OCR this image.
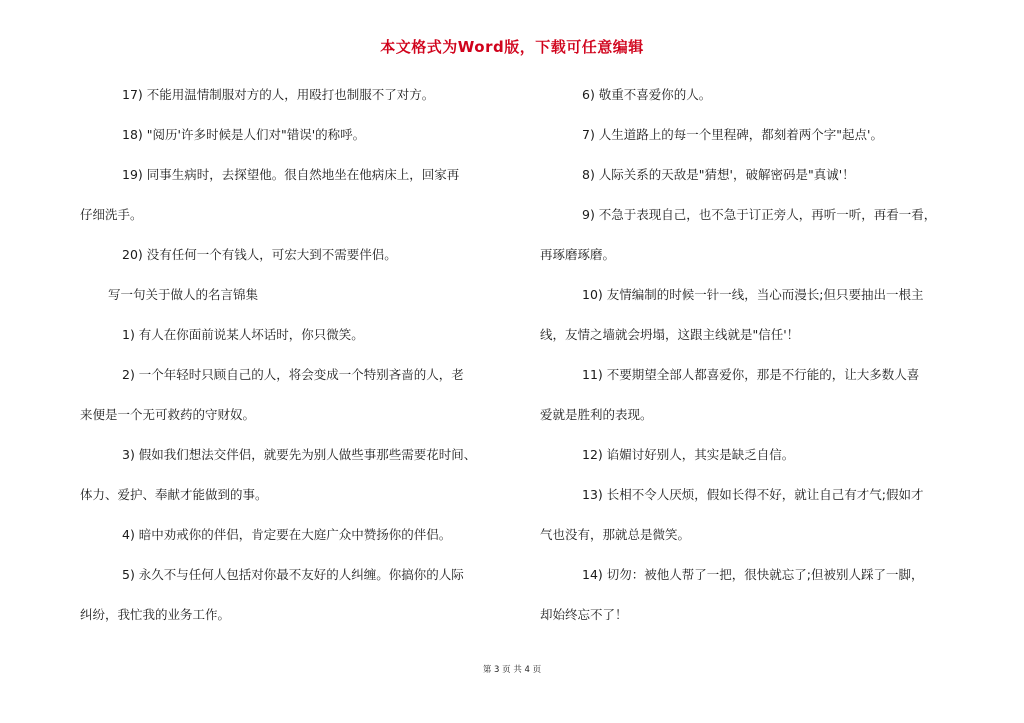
本文格式为Word版，下载可任意编辑
17) 不能用温情制服对方的人，用殴打也制服不了对方。
18) "阅历'许多时候是人们对"错误'的称呼。
19) 同事生病时，去探望他。很自然地坐在他病床上，回家再
仔细洗手。
20) 没有任何一个有钱人，可宏大到不需要伴侣。
写一句关于做人的名言锦集
1) 有人在你面前说某人坏话时，你只微笑。
2) 一个年轻时只顾自己的人，将会变成一个特别吝啬的人，老
来便是一个无可救药的守财奴。
3) 假如我们想法交伴侣，就要先为别人做些事那些需要花时间、
体力、爱护、奉献才能做到的事。
4) 暗中劝戒你的伴侣，肯定要在大庭广众中赞扬你的伴侣。
5) 永久不与任何人包括对你最不友好的人纠缠。你搞你的人际
纠纷，我忙我的业务工作。
6) 敬重不喜爱你的人。
7) 人生道路上的每一个里程碑，都刻着两个字"起点'。
8) 人际关系的天敌是"猜想'，破解密码是"真诚'！
9) 不急于表现自己，也不急于订正旁人，再听一听，再看一看，
再琢磨琢磨。
10) 友情编制的时候一针一线，当心而漫长;但只要抽出一根主
线，友情之墙就会坍塌，这跟主线就是"信任'！
11) 不要期望全部人都喜爱你，那是不行能的，让大多数人喜
爱就是胜利的表现。
12) 谄媚讨好别人，其实是缺乏自信。
13) 长相不令人厌烦，假如长得不好，就让自己有才气;假如才
气也没有，那就总是微笑。
14) 切勿：被他人帮了一把，很快就忘了;但被别人踩了一脚，
却始终忘不了！
第 3 页 共 4 页
